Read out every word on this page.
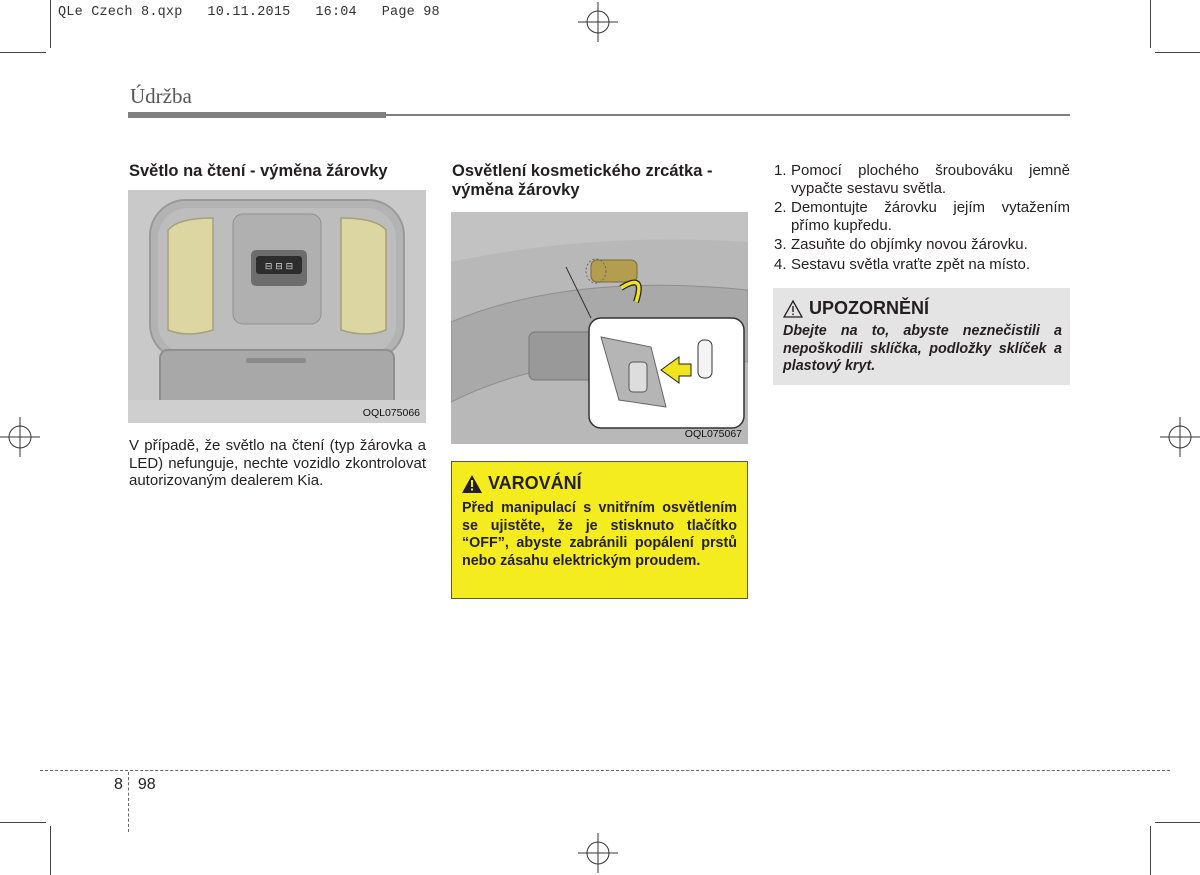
QLe Czech 8.qxp   10.11.2015   16:04   Page 98
Údržba
Světlo na čtení - výměna žárovky
⊟ ⊟ ⊟
OQL075066

V případě, že světlo na čtení (typ žárovka a LED) nefunguje, nechte vozidlo zkontrolovat autorizovaným dealerem Kia.

Osvětlení kosmetického zrcátka - výměna žárovky
OQL075067
VAROVÁNÍ

Před manipulací s vnitřním osvětlením se ujistěte, že je stisknuto tlačítko “OFF”, abyste zabránili popálení prstů nebo zásahu elektrickým proudem.

1. Pomocí plochého šroubováku jemně vypačte sestavu světla.
2. Demontujte žárovku jejím vytažením přímo kupředu.
3. Zasuňte do objímky novou žárovku.
4. Sestavu světla vraťte zpět na místo.
UPOZORNĚNÍ

Dbejte na to, abyste neznečistili a nepoškodili sklíčka, podložky sklíček a plastový kryt.

8 98
